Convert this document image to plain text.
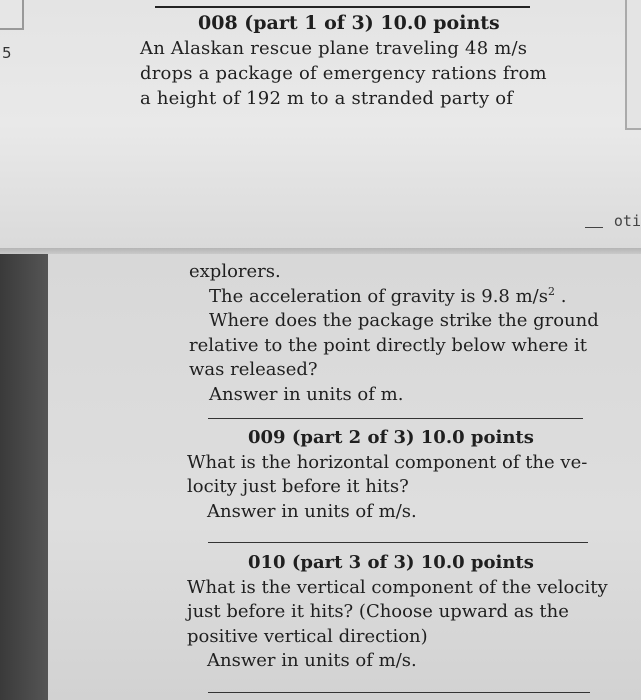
5
oti
008 (part 1 of 3) 10.0 points
An Alaskan rescue plane traveling 48 m/s
drops a package of emergency rations from
a height of 192 m to a stranded party of
explorers.
The acceleration of gravity is 9.8 $m/s^2$ .
Where does the package strike the ground
relative to the point directly below where it
was released?
Answer in units of m.
009 (part 2 of 3) 10.0 points
What is the horizontal component of the ve-
locity just before it hits?
Answer in units of m/s.
010 (part 3 of 3) 10.0 points
What is the vertical component of the velocity
just before it hits? (Choose upward as the
positive vertical direction)
Answer in units of m/s.
